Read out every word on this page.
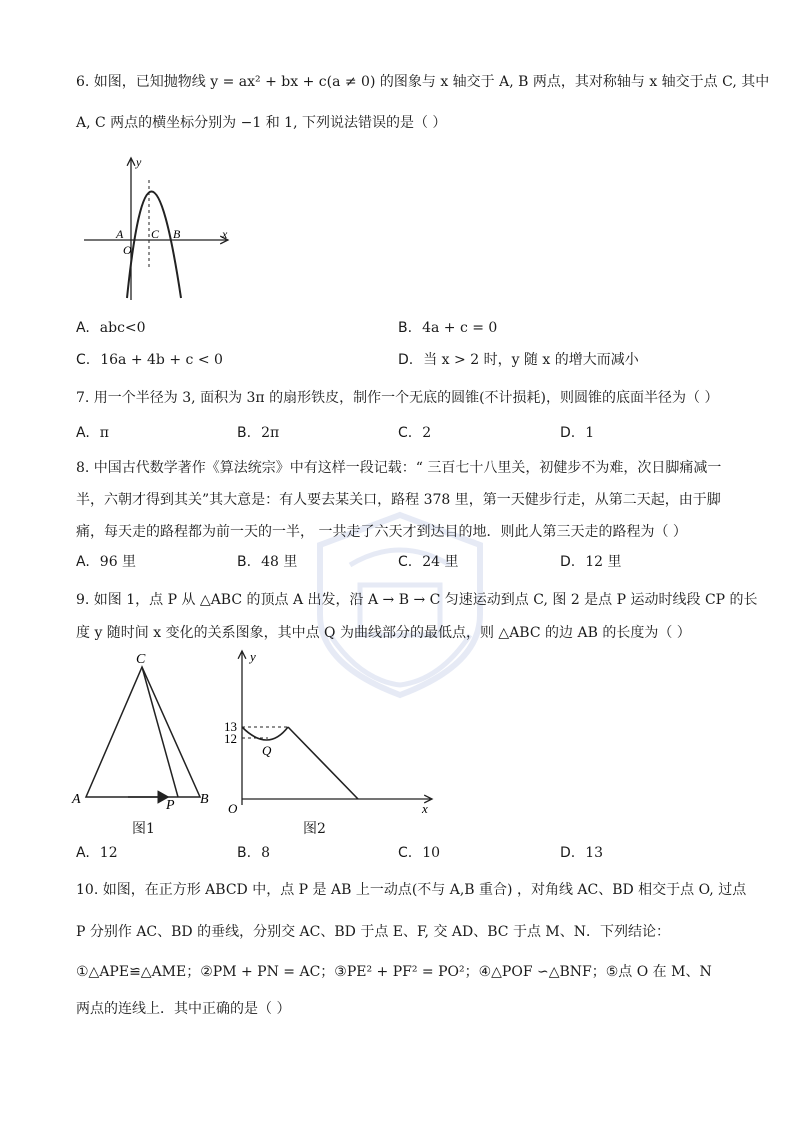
6. 如图，已知抛物线 y = ax² + bx + c(a ≠ 0) 的图象与 x 轴交于 A, B 两点，其对称轴与 x 轴交于点 C, 其中
A, C 两点的横坐标分别为 −1 和 1, 下列说法错误的是（ ）
y
x
A
O
C B
A. abc<0	B. 4a + c = 0
C. 16a + 4b + c < 0	D. 当 x > 2 时，y 随 x 的增大而减小
7. 用一个半径为 3, 面积为 3π 的扇形铁皮，制作一个无底的圆锥(不计损耗)，则圆锥的底面半径为（ ）
A. π	B. 2π	C. 2	D. 1
8. 中国古代数学著作《算法统宗》中有这样一段记载：“ 三百七十八里关，初健步不为难，次日脚痛减一
半，六朝才得到其关”其大意是：有人要去某关口，路程 378 里，第一天健步行走，从第二天起，由于脚
痛，每天走的路程都为前一天的一半， 一共走了六天才到达目的地．则此人第三天走的路程为（ ）
A. 96 里	B. 48 里	C. 24 里	D. 12 里
9. 如图 1，点 P 从 △ABC 的顶点 A 出发，沿 A → B → C 匀速运动到点 C, 图 2 是点 P 运动时线段 CP 的长
度 y 随时间 x 变化的关系图象，其中点 Q 为曲线部分的最低点，则 △ABC 的边 AB 的长度为（ ）
C
A	P B
图1
y
x
O
Q
13
12
图2
A. 12	B. 8	C. 10	D. 13
10. 如图，在正方形 ABCD 中，点 P 是 AB 上一动点(不与 A,B 重合) ，对角线 AC、BD 相交于点 O, 过点
P 分别作 AC、BD 的垂线，分别交 AC、BD 于点 E、F, 交 AD、BC 于点 M、N．下列结论：
①△APE≌△AME；②PM + PN = AC；③PE² + PF² = PO²；④△POF ∽△BNF；⑤点 O 在 M、N
两点的连线上．其中正确的是（ ）
